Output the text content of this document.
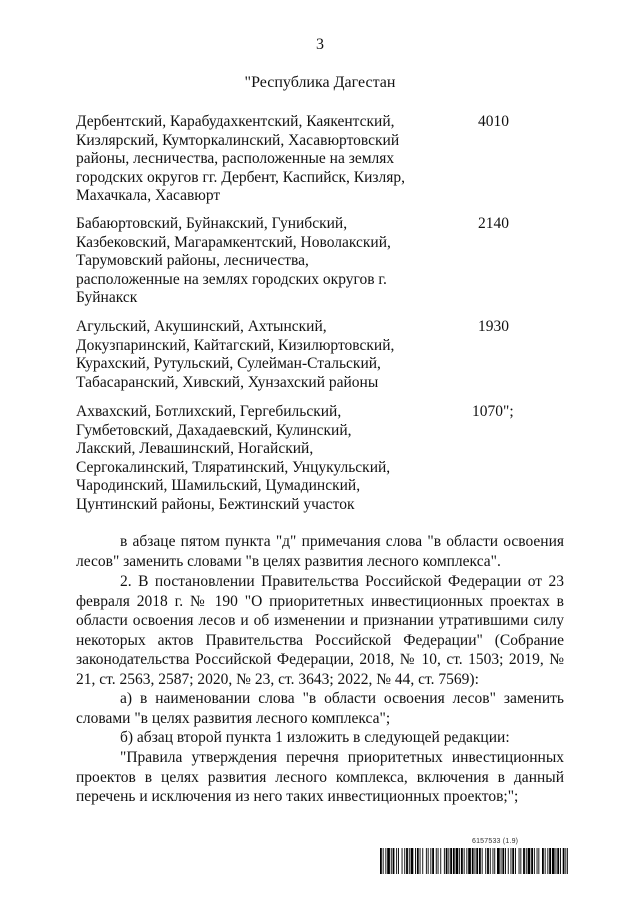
3
"Республика Дагестан

Дербентский, Карабудахкентский, Каякентский, Кизлярский, Кумторкалинский, Хасавюртовский районы, лесничества, расположенные на землях городских округов гг. Дербент, Каспийск, Кизляр, Махачкала, Хасавюрт

4010

Бабаюртовский, Буйнакский, Гунибский, Казбековский, Магарамкентский, Новолакский, Тарумовский районы, лесничества, расположенные на землях городских округов г. Буйнакск

2140

Агульский, Акушинский, Ахтынский, Докузпаринский, Кайтагский, Кизилюртовский, Курахский, Рутульский, Сулейман-Стальский, Табасаранский, Хивский, Хунзахский районы

1930

Ахвахский, Ботлихский, Гергебильский, Гумбетовский, Дахадаевский, Кулинский, Лакский, Левашинский, Ногайский, Сергокалинский, Тляратинский, Унцукульский, Чародинский, Шамильский, Цумадинский, Цунтинский районы, Бежтинский участок

1070";

в абзаце пятом пункта "д" примечания слова "в области освоения лесов" заменить словами "в целях развития лесного комплекса".

2. В постановлении Правительства Российской Федерации от 23 февраля 2018 г. № 190 "О приоритетных инвестиционных проектах в области освоения лесов и об изменении и признании утратившими силу некоторых актов Правительства Российской Федерации" (Собрание законодательства Российской Федерации, 2018, № 10, ст. 1503; 2019, № 21, ст. 2563, 2587; 2020, № 23, ст. 3643; 2022, № 44, ст. 7569):

а) в наименовании слова "в области освоения лесов" заменить словами "в целях развития лесного комплекса";

б) абзац второй пункта 1 изложить в следующей редакции:

"Правила утверждения перечня приоритетных инвестиционных проектов в целях развития лесного комплекса, включения в данный перечень и исключения из него таких инвестиционных проектов;";

6157533 (1.9)
